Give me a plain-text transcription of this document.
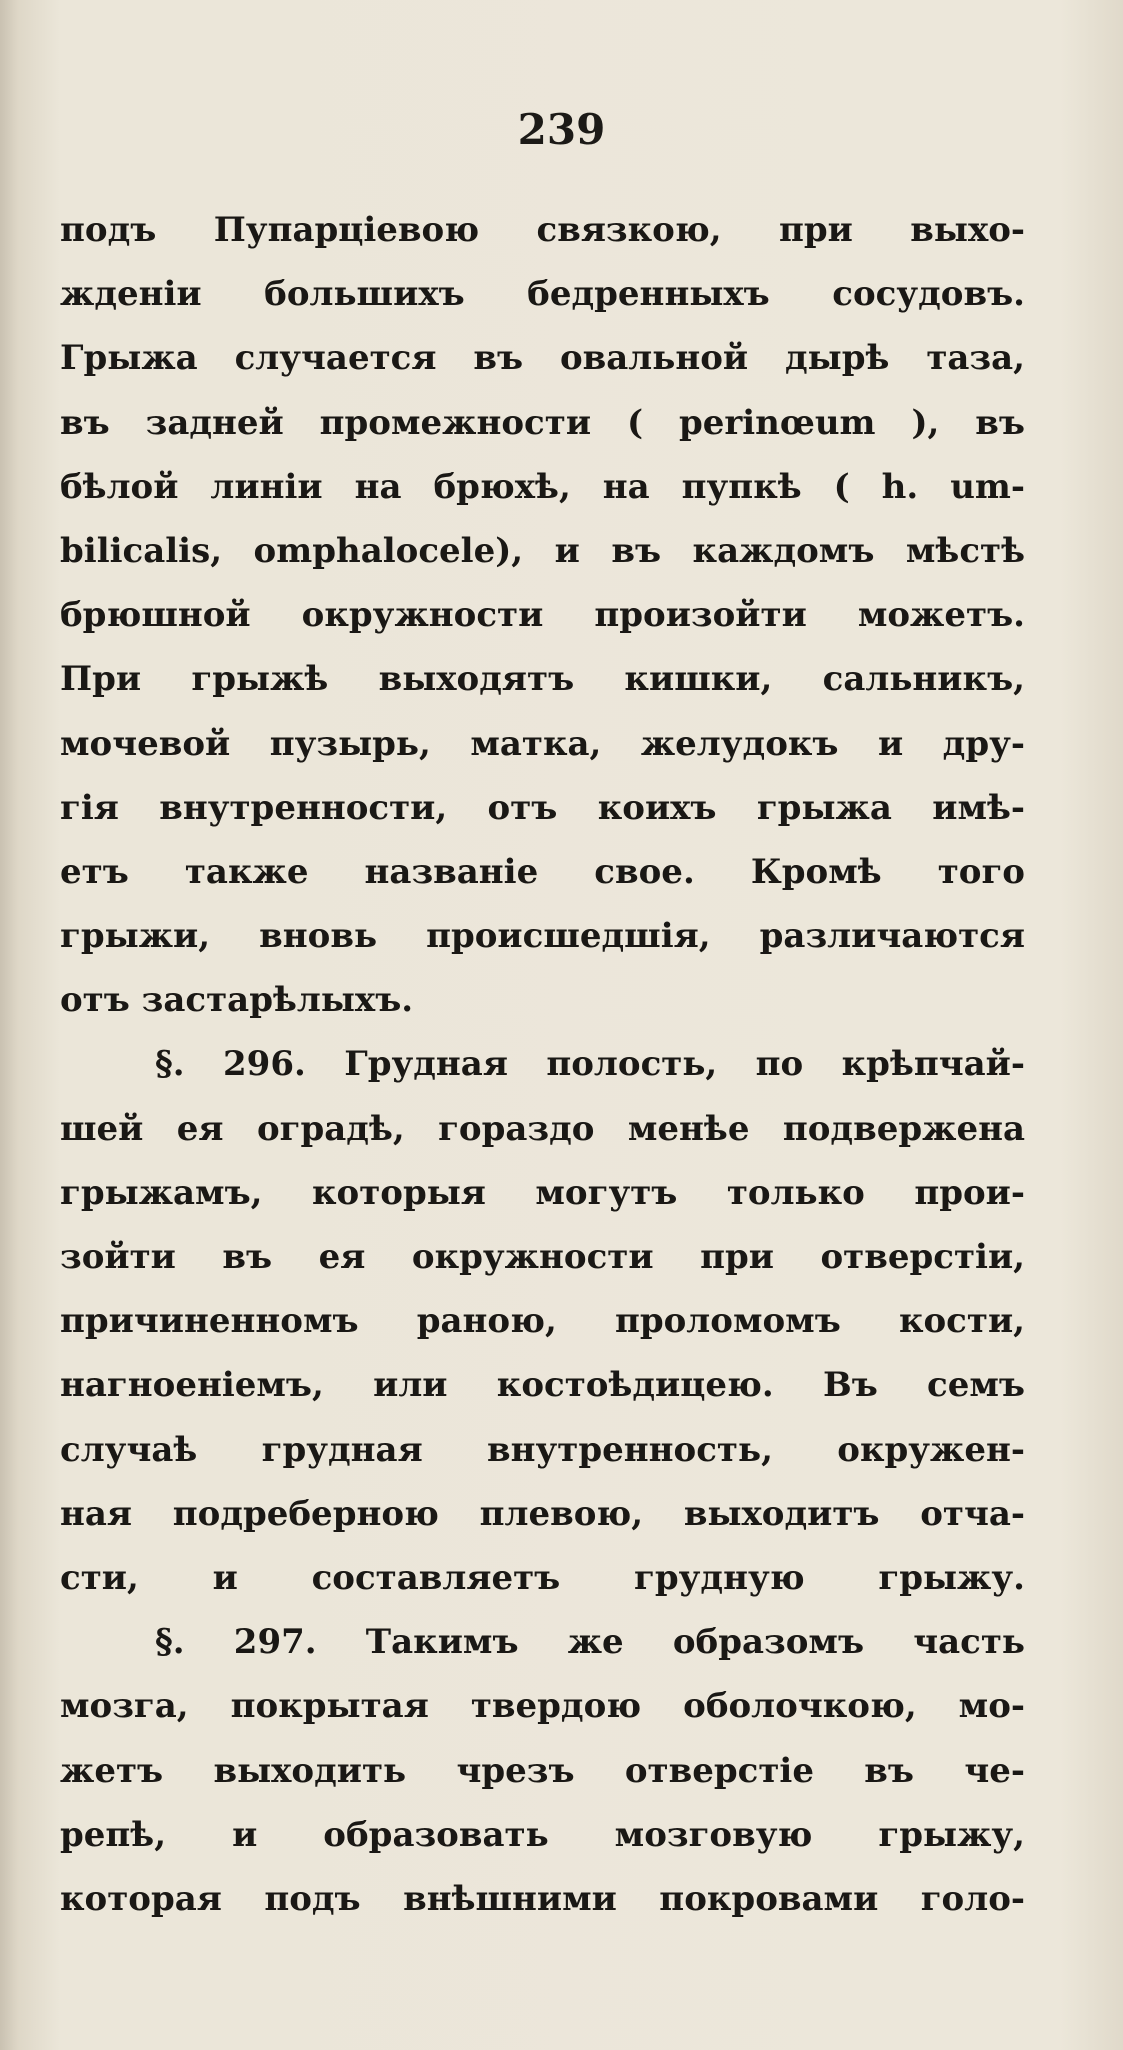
239
подъ Пупарціевою связкою, при выхо-
жденіи большихъ бедренныхъ сосудовъ.
Грыжа случается въ овальной дырѣ таза,
въ задней промежности ( perinœum ), въ
бѣлой линіи на брюхѣ, на пупкѣ ( h. um-
bilicalis, omphalocele), и въ каждомъ мѣстѣ
брюшной окружности произойти можетъ.
При грыжѣ выходятъ кишки, сальникъ,
мочевой пузырь, матка, желудокъ и дру-
гія внутренности, отъ коихъ грыжа имѣ-
етъ также названіе свое. Кромѣ того
грыжи, вновь происшедшія, различаются
отъ застарѣлыхъ.
§. 296. Грудная полость, по крѣпчай-
шей ея оградѣ, гораздо менѣе подвержена
грыжамъ, которыя могутъ только прои-
зойти въ ея окружности при отверстіи,
причиненномъ раною, проломомъ кости,
нагноеніемъ, или костоѣдицею. Въ семъ
случаѣ грудная внутренность, окружен-
ная подреберною плевою, выходитъ отча-
сти, и составляетъ грудную грыжу.
§. 297. Такимъ же образомъ часть
мозга, покрытая твердою оболочкою, мо-
жетъ выходить чрезъ отверстіе въ че-
репѣ, и образовать мозговую грыжу,
которая подъ внѣшними покровами голо-
